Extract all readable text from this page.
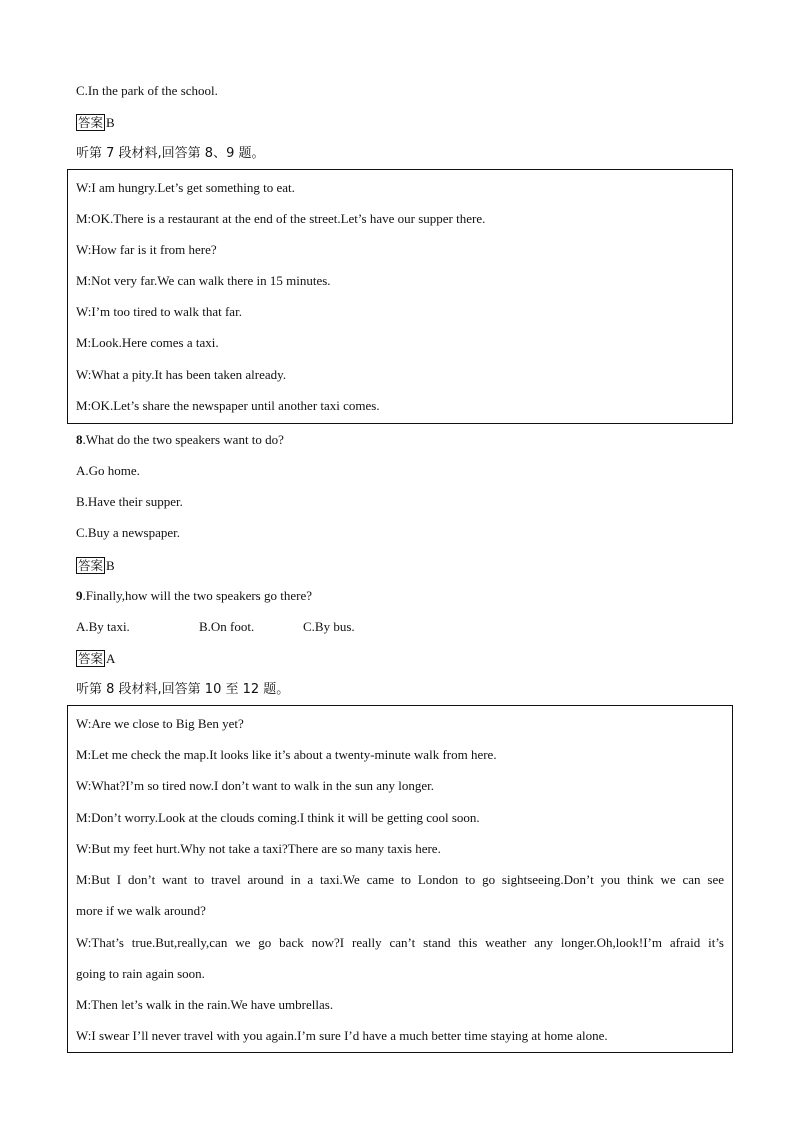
C.In the park of the school.
答案 B
听第 7 段材料,回答第 8、9 题。
W:I am hungry.Let’s get something to eat.
M:OK.There is a restaurant at the end of the street.Let’s have our supper there.
W:How far is it from here?
M:Not very far.We can walk there in 15 minutes.
W:I’m too tired to walk that far.
M:Look.Here comes a taxi.
W:What a pity.It has been taken already.
M:OK.Let’s share the newspaper until another taxi comes.
8.What do the two speakers want to do?
A.Go home.
B.Have their supper.
C.Buy a newspaper.
答案 B
9.Finally,how will the two speakers go there?
A.By taxi.	B.On foot.	C.By bus.
答案 A
听第 8 段材料,回答第 10 至 12 题。
W:Are we close to Big Ben yet?
M:Let me check the map.It looks like it’s about a twenty-minute walk from here.
W:What?I’m so tired now.I don’t want to walk in the sun any longer.
M:Don’t worry.Look at the clouds coming.I think it will be getting cool soon.
W:But my feet hurt.Why not take a taxi?There are so many taxis here.
M:But I don’t want to travel around in a taxi.We came to London to go sightseeing.Don’t you think we can see
more if we walk around?
W:That’s true.But,really,can we go back now?I really can’t stand this weather any longer.Oh,look!I’m afraid it’s
going to rain again soon.
M:Then let’s walk in the rain.We have umbrellas.
W:I swear I’ll never travel with you again.I’m sure I’d have a much better time staying at home alone.
